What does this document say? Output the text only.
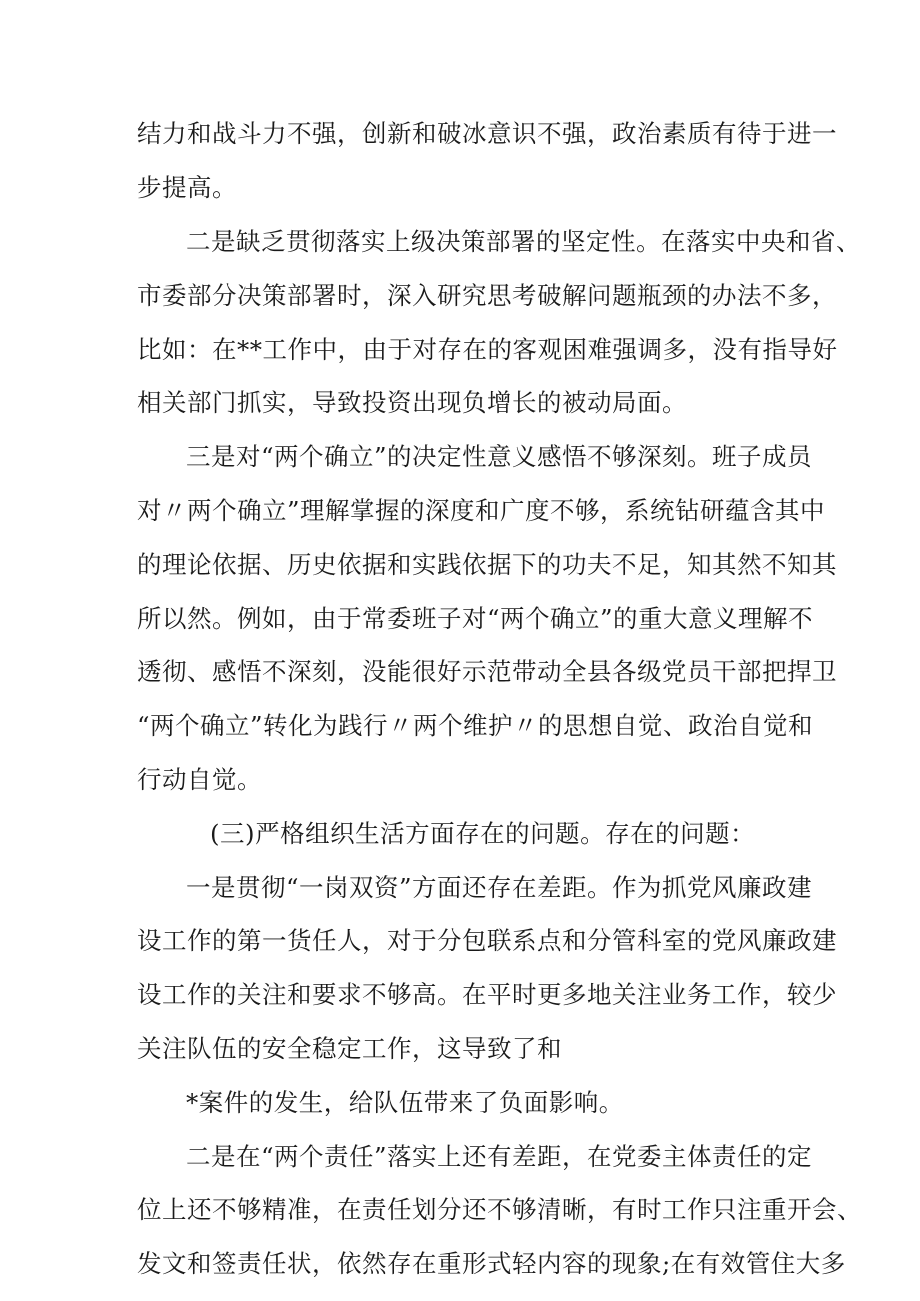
结力和战斗力不强，创新和破冰意识不强，政治素质有待于进一
步提高。
二是缺乏贯彻落实上级决策部署的坚定性。在落实中央和省、
市委部分决策部署时，深入研究思考破解问题瓶颈的办法不多，
比如：在**工作中，由于对存在的客观困难强调多，没有指导好
相关部门抓实，导致投资出现负增长的被动局面。
三是对“两个确立”的决定性意义感悟不够深刻。班子成员
对〃两个确立”理解掌握的深度和广度不够，系统钻研蕴含其中
的理论依据、历史依据和实践依据下的功夫不足，知其然不知其
所以然。例如，由于常委班子对“两个确立”的重大意义理解不
透彻、感悟不深刻，没能很好示范带动全县各级党员干部把捍卫
“两个确立”转化为践行〃两个维护〃的思想自觉、政治自觉和
行动自觉。
(三)严格组织生活方面存在的问题。存在的问题：
一是贯彻“一岗双资”方面还存在差距。作为抓党风廉政建
设工作的第一货任人，对于分包联系点和分管科室的党风廉政建
设工作的关注和要求不够高。在平时更多地关注业务工作，较少
关注队伍的安全稳定工作，这导致了和
*案件的发生，给队伍带来了负面影响。
二是在“两个责任”落实上还有差距，在党委主体责任的定
位上还不够精准，在责任划分还不够清晰，有时工作只注重开会、
发文和签责任状，依然存在重形式轻内容的现象;在有效管住大多
